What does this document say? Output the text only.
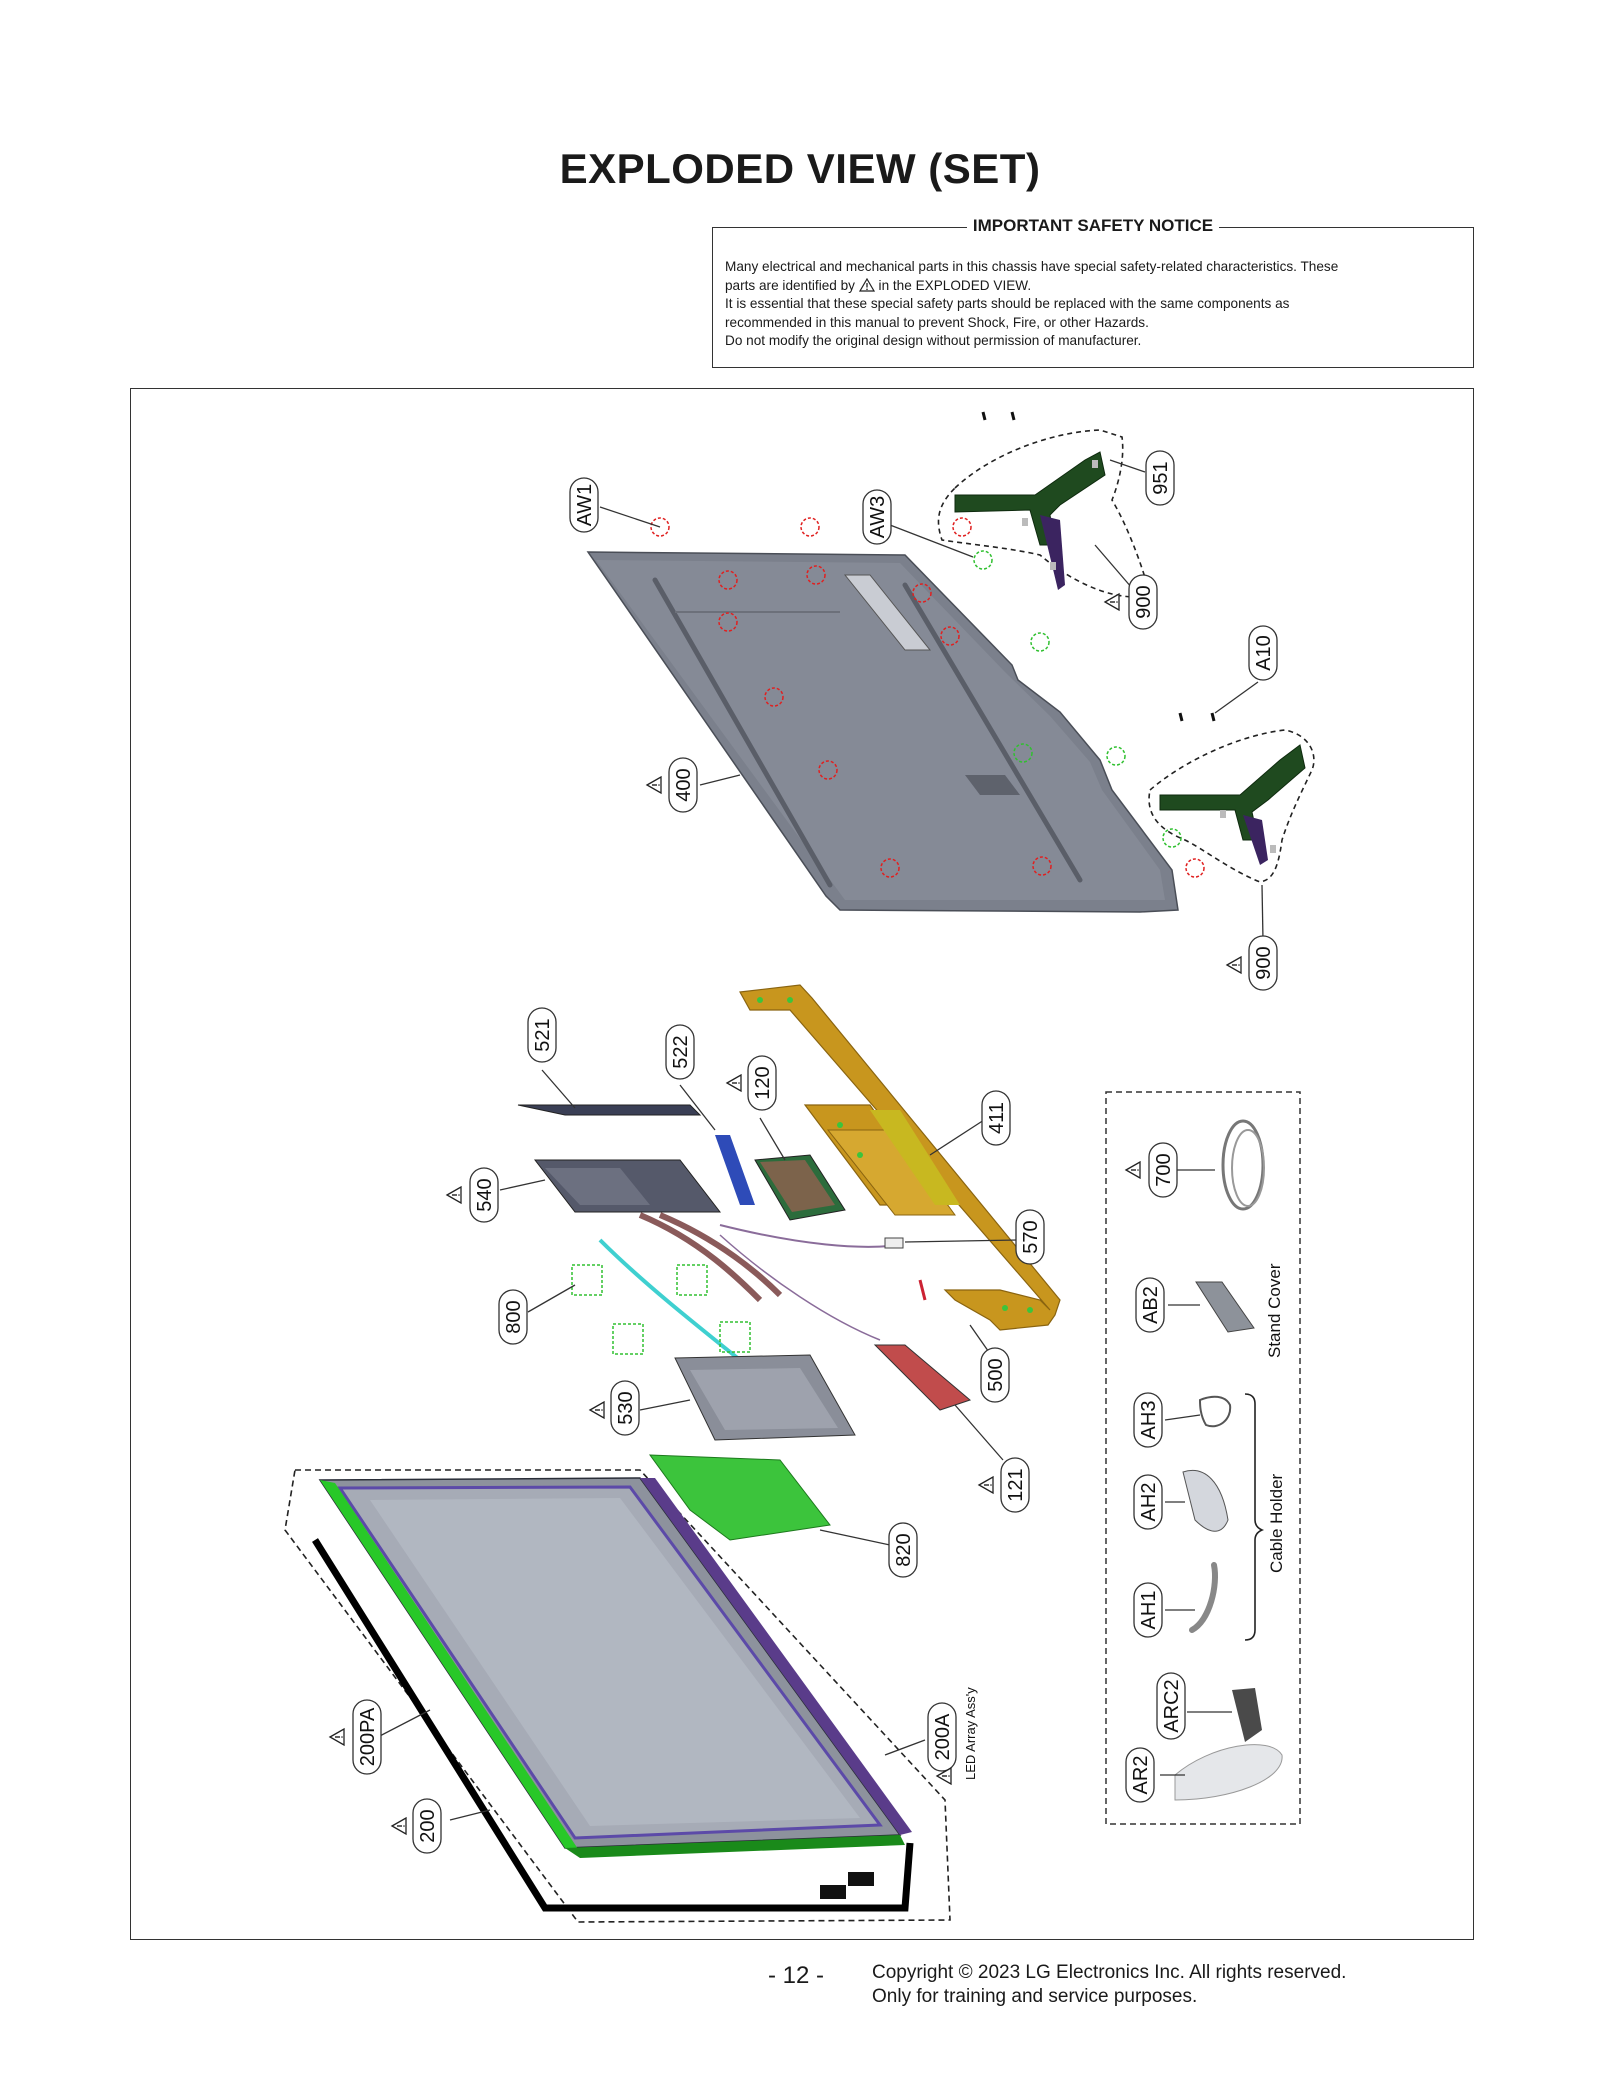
EXPLODED VIEW (SET)
IMPORTANT SAFETY NOTICE

Many electrical and mechanical parts in this chassis have special safety-related characteristics. These

parts are identified by in the EXPLODED VIEW.

It is essential that these special safety parts should be replaced with the same components as

recommended in this manual to prevent Shock, Fire, or other Hazards.

Do not modify the original design without permission of manufacturer.

AW1	AW3
951
900
A10
400
900
521
522
120
411
540
570
800
500
530
121
820
200PA
200
200A
700
AB2
AH3
AH2
AH1
ARC2
AR2
LED Array Ass'y
Stand Cover
Cable Holder
- 12 -	Copyright © 2023 LG Electronics Inc. All rights reserved.

Only for training and service purposes.
